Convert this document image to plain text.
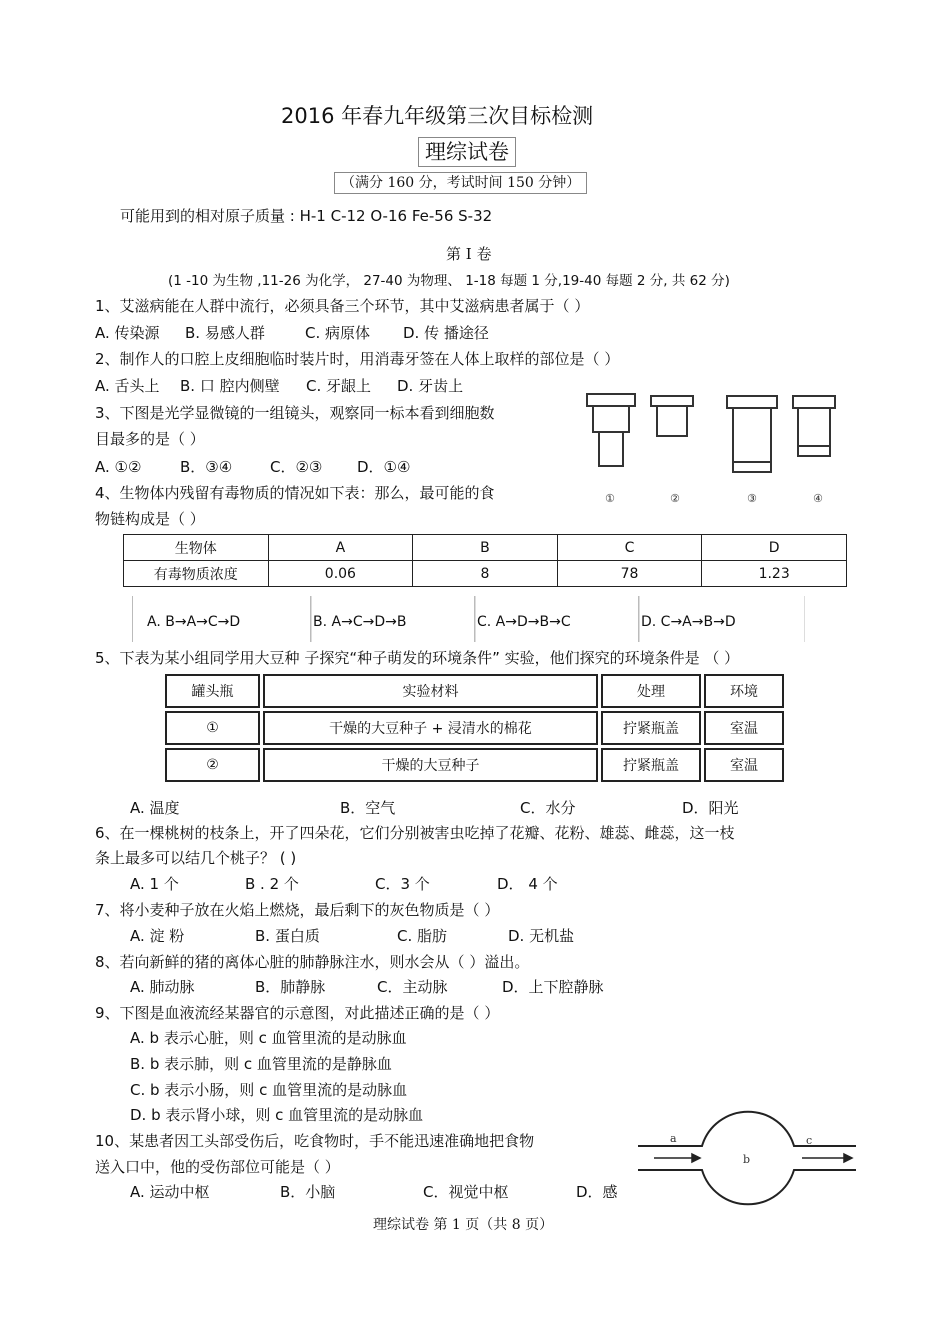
2016 年春九年级第三次目标检测
理综试卷
（满分 160 分，考试时间 150 分钟）
可能用到的相对原子质量 : H-1 C-12 O-16 Fe-56 S-32
第 I 卷
(1 -10 为生物 ,11-26 为化学， 27-40 为物理、 1-18 每题 1 分,19-40 每题 2 分, 共 62 分)
1、艾滋病能在人群中流行，必须具备三个环节，其中艾滋病患者属于（ ）
A. 传染源 B. 易感人群	C. 病原体 D. 传 播途径
2、制作人的口腔上皮细胞临时装片时，用消毒牙签在人体上取样的部位是（ ）
A. 舌头上 B. 口 腔内侧壁 C. 牙龈上 D. 牙齿上
3、下图是光学显微镜的一组镜头，观察同一标本看到细胞数
目最多的是（ ）
A. ①②	B．③④	C．②③ D．①④
①	②	③	④
4、生物体内残留有毒物质的情况如下表：那么，最可能的食
物链构成是（ ）
生物体	A	B	C	D
有毒物质浓度	0.06	8	78	1.23
A. B→A→C→D	B. A→C→D→B	C. A→D→B→C	D. C→A→B→D
5、下表为某小组同学用大豆种 子探究“种子萌发的环境条件” 实验，他们探究的环境条件是 （ ）
罐头瓶	实验材料	处理	环境
①	干燥的大豆种子 + 浸清水的棉花	拧紧瓶盖	室温
②	干燥的大豆种子	拧紧瓶盖	室温
A. 温度	B．空气	C．水分	D．阳光
6、在一棵桃树的枝条上，开了四朵花，它们分别被害虫吃掉了花瓣、花粉、雄蕊、雌蕊，这一枝
条上最多可以结几个桃子？ ( )
A. 1 个	B . 2 个	C．3 个	D． 4 个
7、将小麦种子放在火焰上燃烧，最后剩下的灰色物质是（ ）
A. 淀 粉	B. 蛋白质	C. 脂肪	D. 无机盐
8、若向新鲜的猪的离体心脏的肺静脉注水，则水会从（ ）溢出。
A. 肺动脉	B．肺静脉	C．主动脉	D．上下腔静脉
9、下图是血液流经某器官的示意图，对此描述正确的是（ ）
A. b 表示心脏，则 c 血管里流的是动脉血
B. b 表示肺，则 c 血管里流的是静脉血
C. b 表示小肠，则 c 血管里流的是动脉血
D. b 表示肾小球，则 c 血管里流的是动脉血
a
b
c
10、某患者因工头部受伤后，吃食物时，手不能迅速准确地把食物
送入口中，他的受伤部位可能是（ ）
A. 运动中枢	B．小脑	C．视觉中枢	D．感
理综试卷 第 1 页（共 8 页）
